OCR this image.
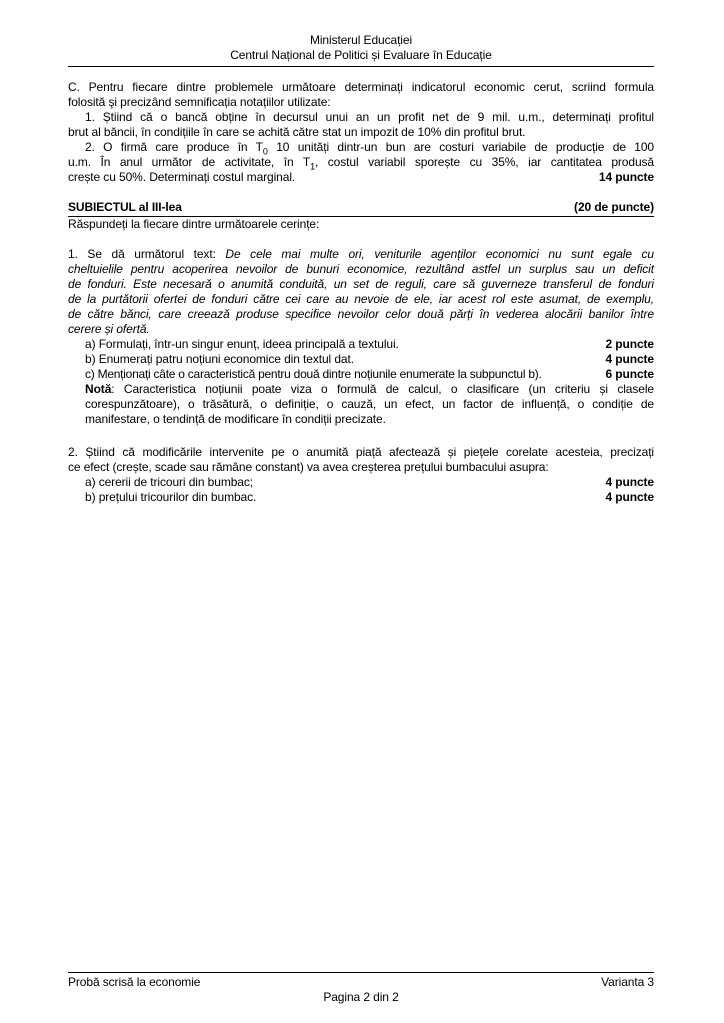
Ministerul Educației
Centrul Național de Politici și Evaluare în Educație
C. Pentru fiecare dintre problemele următoare determinați indicatorul economic cerut, scriind formula
folosită şi precizând semnificația notațiilor utilizate:
1. Știind că o bancă obține în decursul unui an un profit net de 9 mil. u.m., determinați profitul
brut al băncii, în condițiile în care se achită către stat un impozit de 10% din profitul brut.
2. O firmă care produce în $T_0$ 10 unități dintr-un bun are costuri variabile de producție de 100
u.m. În anul următor de activitate, în $T_1$, costul variabil sporește cu 35%, iar cantitatea produsă
crește cu 50%. Determinați costul marginal.	14 puncte
SUBIECTUL al III-lea	(20 de puncte)
Răspundeți la fiecare dintre următoarele cerințe:
1. Se dă următorul text: De cele mai multe ori, veniturile agenților economici nu sunt egale cu
cheltuielile pentru acoperirea nevoilor de bunuri economice, rezultând astfel un surplus sau un deficit
de fonduri. Este necesară o anumită conduită, un set de reguli, care să guverneze transferul de fonduri
de la purtătorii ofertei de fonduri către cei care au nevoie de ele, iar acest rol este asumat, de exemplu,
de către bănci, care creează produse specifice nevoilor celor două părți în vederea alocării banilor între
cerere și ofertă.
a) Formulați, într-un singur enunț, ideea principală a textului.	2 puncte
b) Enumerați patru noțiuni economice din textul dat.	4 puncte
c) Menționați câte o caracteristică pentru două dintre noțiunile enumerate la subpunctul b).	6 puncte
Notă: Caracteristica noțiunii poate viza o formulă de calcul, o clasificare (un criteriu și clasele
corespunzătoare), o trăsătură, o definiție, o cauză, un efect, un factor de influență, o condiție de
manifestare, o tendință de modificare în condiții precizate.
2. Știind că modificările intervenite pe o anumită piață afectează și piețele corelate acesteia, precizați
ce efect (crește, scade sau rămâne constant) va avea creșterea prețului bumbacului asupra:
a) cererii de tricouri din bumbac;	4 puncte
b) prețului tricourilor din bumbac.	4 puncte
Probă scrisă la economie	Varianta 3
Pagina 2 din 2
